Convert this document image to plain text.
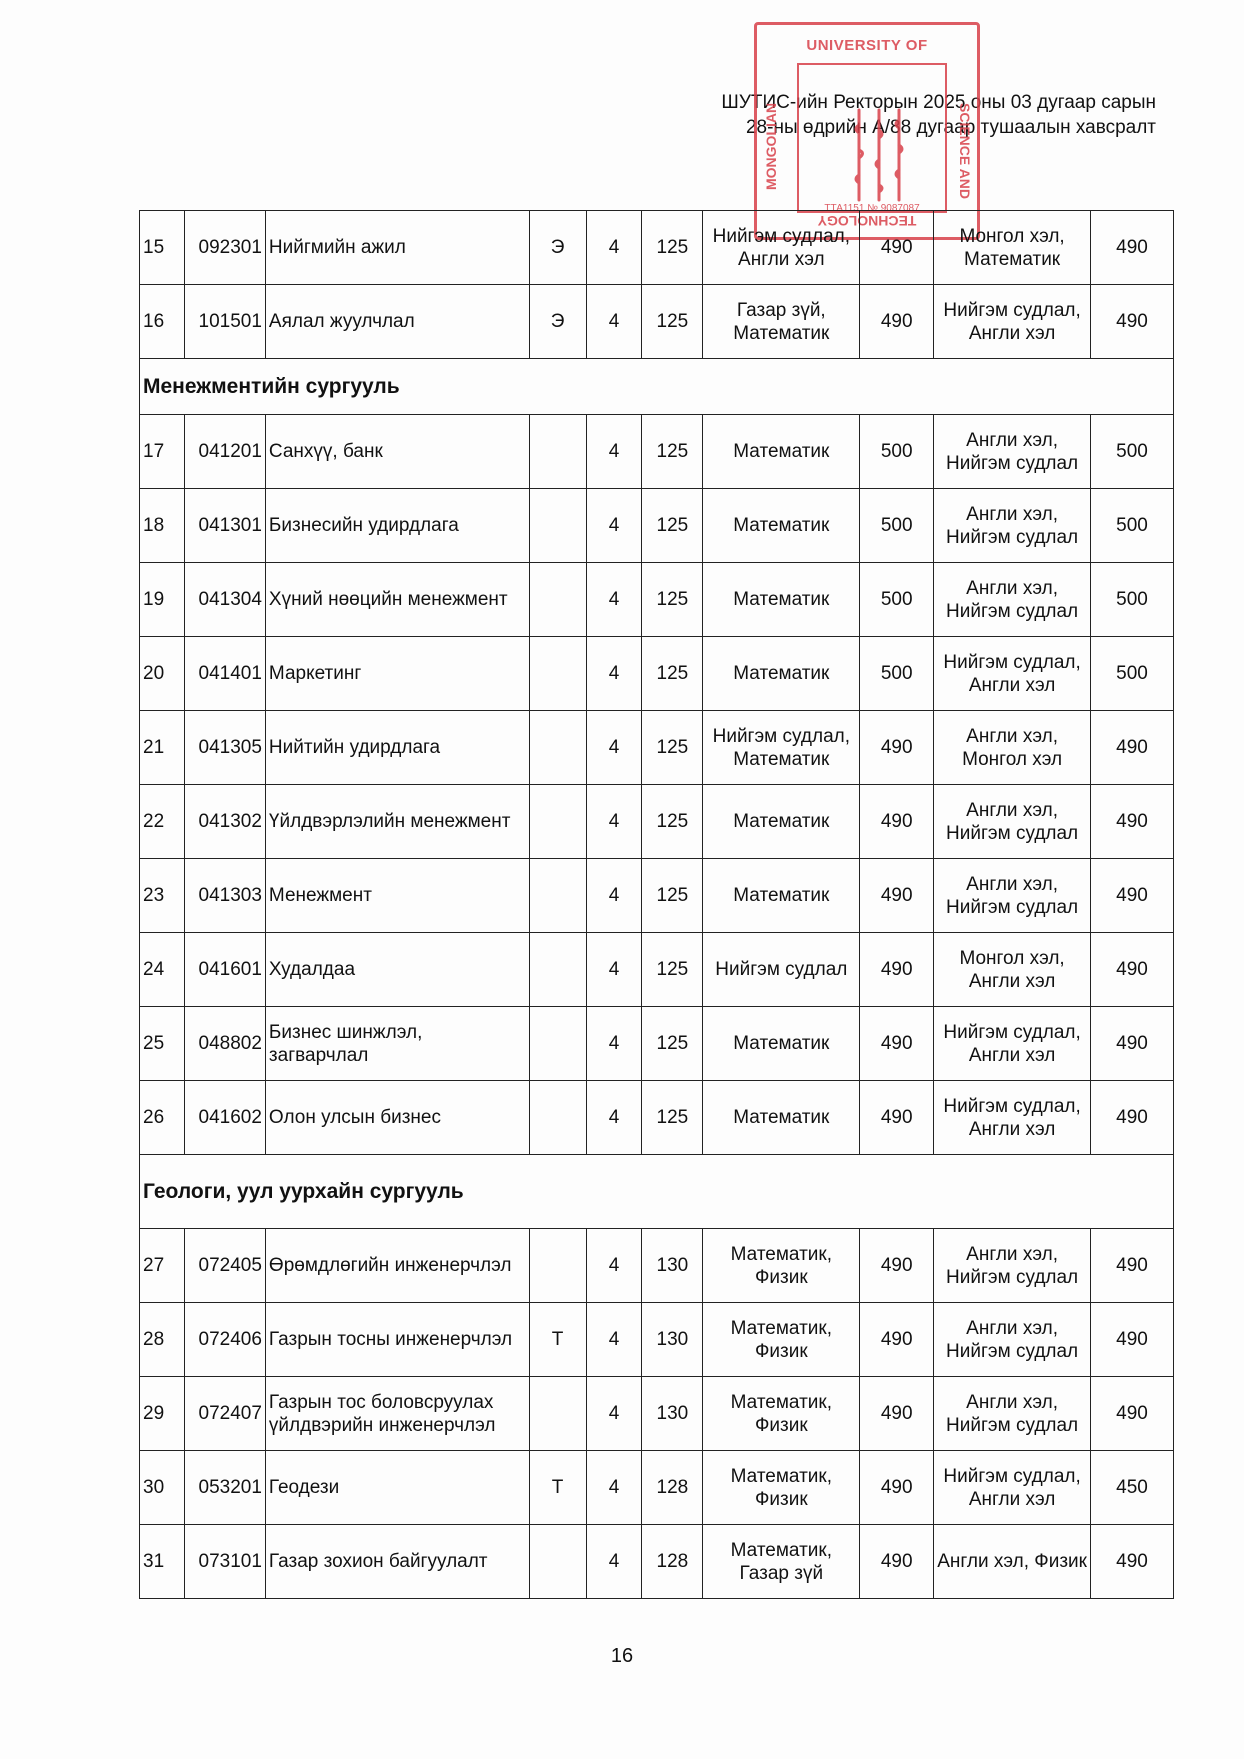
ШУТИС-ийн Ректорын 2025 оны 03 дугаар сарын
28-ны өдрийн А/88 дугаар тушаалын хавсралт
UNIVERSITY OF
MONGOLIAN	SCIENCE AND
ТТА1151 № 9087087
TECHNOLOGY
15	092301	Нийгмийн ажил	Э	4	125	Нийгэм судлал, Англи хэл	490	Монгол хэл, Математик	490
16	101501	Аялал жуулчлал	Э	4	125	Газар зүй, Математик	490	Нийгэм судлал, Англи хэл	490
Менежментийн сургууль									
17	041201	Санхүү, банк		4	125	Математик	500	Англи хэл, Нийгэм судлал	500
18	041301	Бизнесийн удирдлага		4	125	Математик	500	Англи хэл, Нийгэм судлал	500
19	041304	Хүний нөөцийн менежмент		4	125	Математик	500	Англи хэл, Нийгэм судлал	500
20	041401	Маркетинг		4	125	Математик	500	Нийгэм судлал, Англи хэл	500
21	041305	Нийтийн удирдлага		4	125	Нийгэм судлал, Математик	490	Англи хэл, Монгол хэл	490
22	041302	Үйлдвэрлэлийн менежмент		4	125	Математик	490	Англи хэл, Нийгэм судлал	490
23	041303	Менежмент		4	125	Математик	490	Англи хэл, Нийгэм судлал	490
24	041601	Худалдаа		4	125	Нийгэм судлал	490	Монгол хэл, Англи хэл	490
25	048802	Бизнес шинжлэл, загварчлал		4	125	Математик	490	Нийгэм судлал, Англи хэл	490
26	041602	Олон улсын бизнес		4	125	Математик	490	Нийгэм судлал, Англи хэл	490
Геологи, уул уурхайн сургууль									
27	072405	Өрөмдлөгийн инженерчлэл		4	130	Математик, Физик	490	Англи хэл, Нийгэм судлал	490
28	072406	Газрын тосны инженерчлэл	Т	4	130	Математик, Физик	490	Англи хэл, Нийгэм судлал	490
29	072407	Газрын тос боловсруулах үйлдвэрийн инженерчлэл		4	130	Математик, Физик	490	Англи хэл, Нийгэм судлал	490
30	053201	Геодези	Т	4	128	Математик, Физик	490	Нийгэм судлал, Англи хэл	450
31	073101	Газар зохион байгуулалт		4	128	Математик, Газар зүй	490	Англи хэл, Физик	490
16
